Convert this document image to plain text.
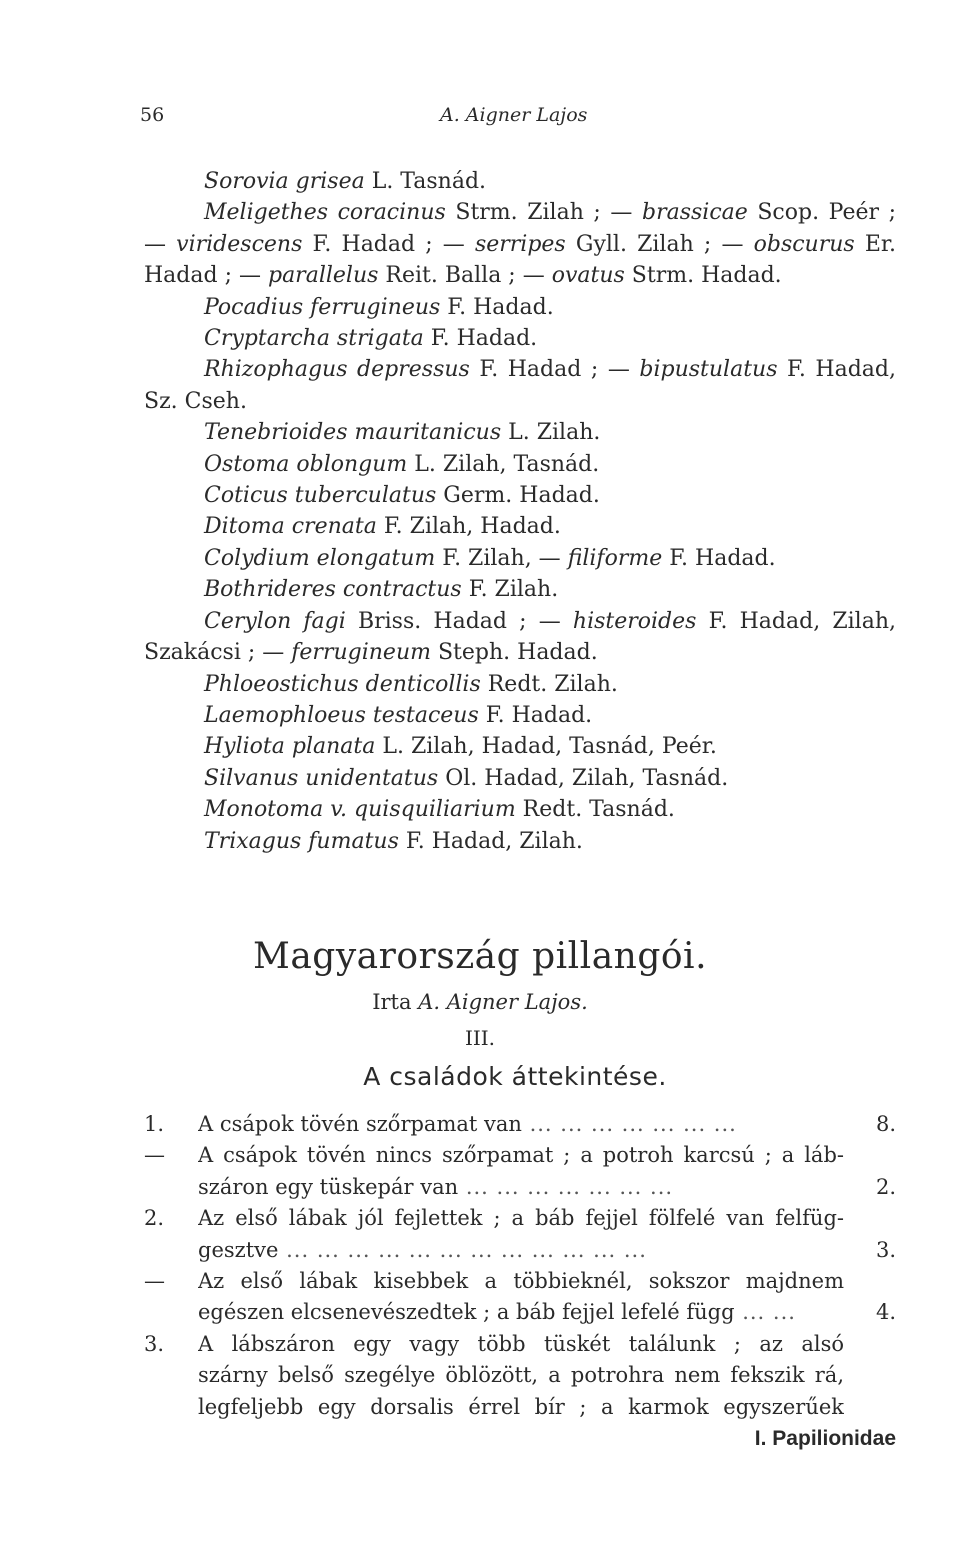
56	A. Aigner Lajos

Sorovia grisea L. Tasnád.

Meligethes coracinus Strm. Zilah ; — brassicae Scop. Peér ; — viridescens F. Hadad ; — serripes Gyll. Zilah ; — obscurus Er. Hadad ; — parallelus Reit. Balla ; — ovatus Strm. Hadad.

Pocadius ferrugineus F. Hadad.

Cryptarcha strigata F. Hadad.

Rhizophagus depressus F. Hadad ; — bipustulatus F. Hadad, Sz. Cseh.

Tenebrioides mauritanicus L. Zilah.

Ostoma oblongum L. Zilah, Tasnád.

Coticus tuberculatus Germ. Hadad.

Ditoma crenata F. Zilah, Hadad.

Colydium elongatum F. Zilah, — filiforme F. Hadad.

Bothrideres contractus F. Zilah.

Cerylon fagi Briss. Hadad ; — histeroides F. Hadad, Zilah, Szakácsi ; — ferrugineum Steph. Hadad.

Phloeostichus denticollis Redt. Zilah.

Laemophloeus testaceus F. Hadad.

Hyliota planata L. Zilah, Hadad, Tasnád, Peér.

Silvanus unidentatus Ol. Hadad, Zilah, Tasnád.

Monotoma v. quisquiliarium Redt. Tasnád.

Trixagus fumatus F. Hadad, Zilah.

Magyarország pillangói.
Irta A. Aigner Lajos.
III.
A családok áttekintése.
1.	A csápok tövén szőrpamat van ... ... ... ... ... ... ...	8.
—	A csápok tövén nincs szőrpamat ; a potroh karcsú ; a láb-
száron egy tüskepár van ... ... ... ... ... ... ...	2.
2.	Az első lábak jól fejlettek ; a báb fejjel fölfelé van felfüg-
gesztve ... ... ... ... ... ... ... ... ... ... ... ...	3.
—	Az első lábak kisebbek a többieknél, sokszor majdnem
egészen elcsenevészedtek ; a báb fejjel lefelé függ ... ...	4.
3.	A lábszáron egy vagy több tüskét találunk ; az alsó
szárny belső szegélye öblözött, a potrohra nem fekszik rá,
legfeljebb egy dorsalis érrel bír ; a karmok egyszerűek
I. Papilionidae
